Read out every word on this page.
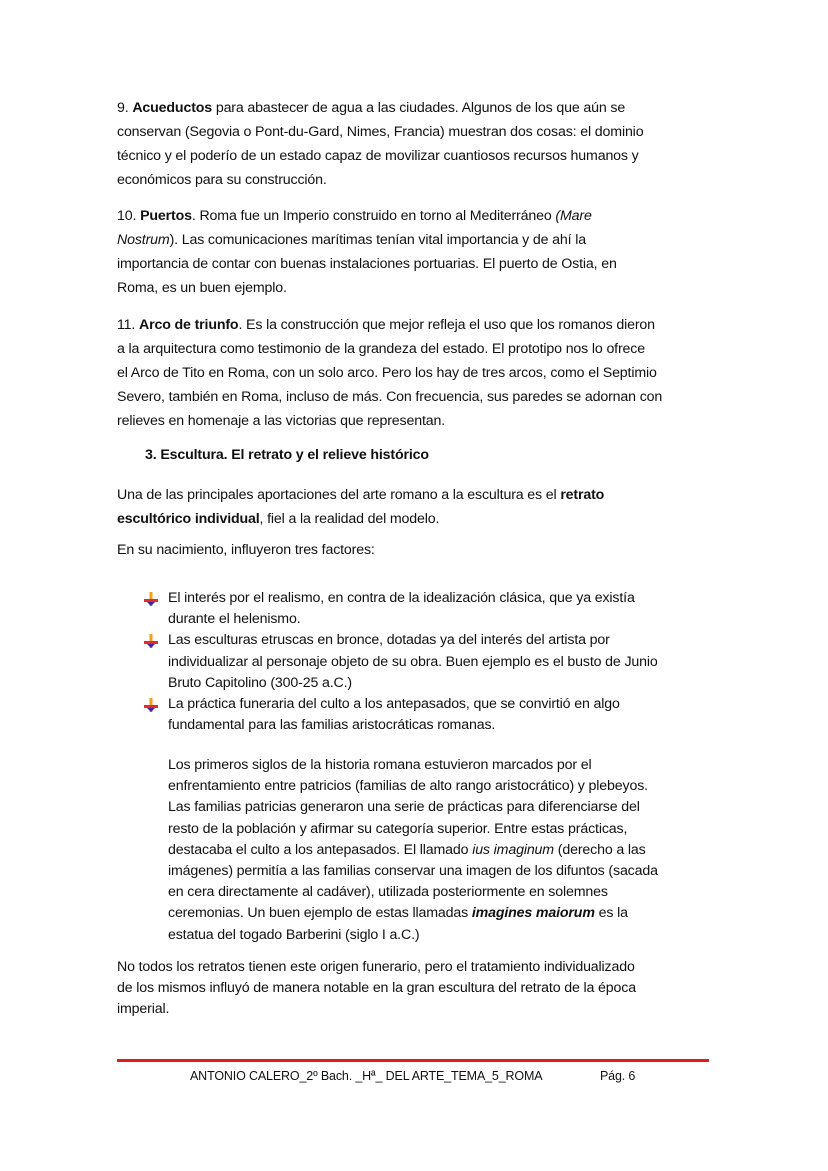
9. Acueductos para abastecer de agua a las ciudades. Algunos de los que aún se
conservan (Segovia o Pont-du-Gard, Nimes, Francia) muestran dos cosas: el dominio
técnico y el poderío de un estado capaz de movilizar cuantiosos recursos humanos y
económicos para su construcción.
10. Puertos. Roma fue un Imperio construido en torno al Mediterráneo (Mare
Nostrum). Las comunicaciones marítimas tenían vital importancia y de ahí la
importancia de contar con buenas instalaciones portuarias. El puerto de Ostia, en
Roma, es un buen ejemplo.
11. Arco de triunfo. Es la construcción que mejor refleja el uso que los romanos dieron
a la arquitectura como testimonio de la grandeza del estado. El prototipo nos lo ofrece
el Arco de Tito en Roma, con un solo arco. Pero los hay de tres arcos, como el Septimio
Severo, también en Roma, incluso de más. Con frecuencia, sus paredes se adornan con
relieves en homenaje a las victorias que representan.
3. Escultura. El retrato y el relieve histórico
Una de las principales aportaciones del arte romano a la escultura es el retrato
escultórico individual, fiel a la realidad del modelo.
En su nacimiento, influyeron tres factores:
El interés por el realismo, en contra de la idealización clásica, que ya existía
durante el helenismo.
Las esculturas etruscas en bronce, dotadas ya del interés del artista por
individualizar al personaje objeto de su obra. Buen ejemplo es el busto de Junio
Bruto Capitolino (300-25 a.C.)
La práctica funeraria del culto a los antepasados, que se convirtió en algo
fundamental para las familias aristocráticas romanas.
Los primeros siglos de la historia romana estuvieron marcados por el
enfrentamiento entre patricios (familias de alto rango aristocrático) y plebeyos.
Las familias patricias generaron una serie de prácticas para diferenciarse del
resto de la población y afirmar su categoría superior. Entre estas prácticas,
destacaba el culto a los antepasados. El llamado ius imaginum (derecho a las
imágenes) permitía a las familias conservar una imagen de los difuntos (sacada
en cera directamente al cadáver), utilizada posteriormente en solemnes
ceremonias. Un buen ejemplo de estas llamadas imagines maiorum es la
estatua del togado Barberini (siglo I a.C.)
No todos los retratos tienen este origen funerario, pero el tratamiento individualizado
de los mismos influyó de manera notable en la gran escultura del retrato de la época
imperial.
ANTONIO CALERO_2º Bach. _Hª_ DEL ARTE_TEMA_5_ROMA	Pág. 6
